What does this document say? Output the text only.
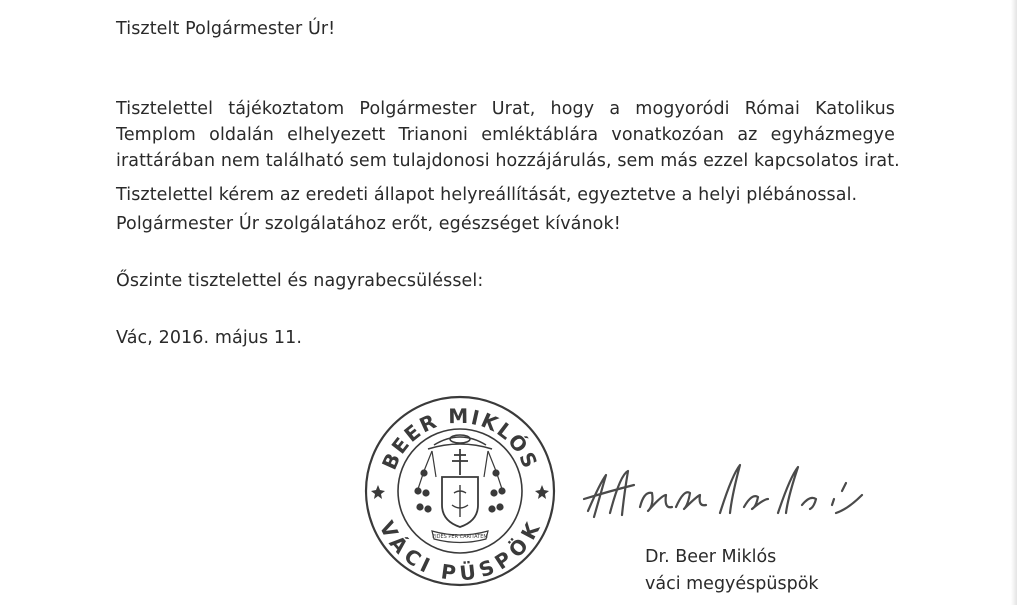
Tisztelt Polgármester Úr!
Tisztelettel tájékoztatom Polgármester Urat, hogy a mogyoródi Római Katolikus
Templom oldalán elhelyezett Trianoni emléktáblára vonatkozóan az egyházmegye
irattárában nem található sem tulajdonosi hozzájárulás, sem más ezzel kapcsolatos irat.
Tisztelettel kérem az eredeti állapot helyreállítását, egyeztetve a helyi plébánossal.
Polgármester Úr szolgálatához erőt, egészséget kívánok!
Őszinte tisztelettel és nagyrabecsüléssel:
Vác, 2016. május 11.
BEER MIKLÓS
VÁCI PÜSPÖK
FIDES PER CARITATEM
Dr. Beer Miklós
váci megyéspüspök
